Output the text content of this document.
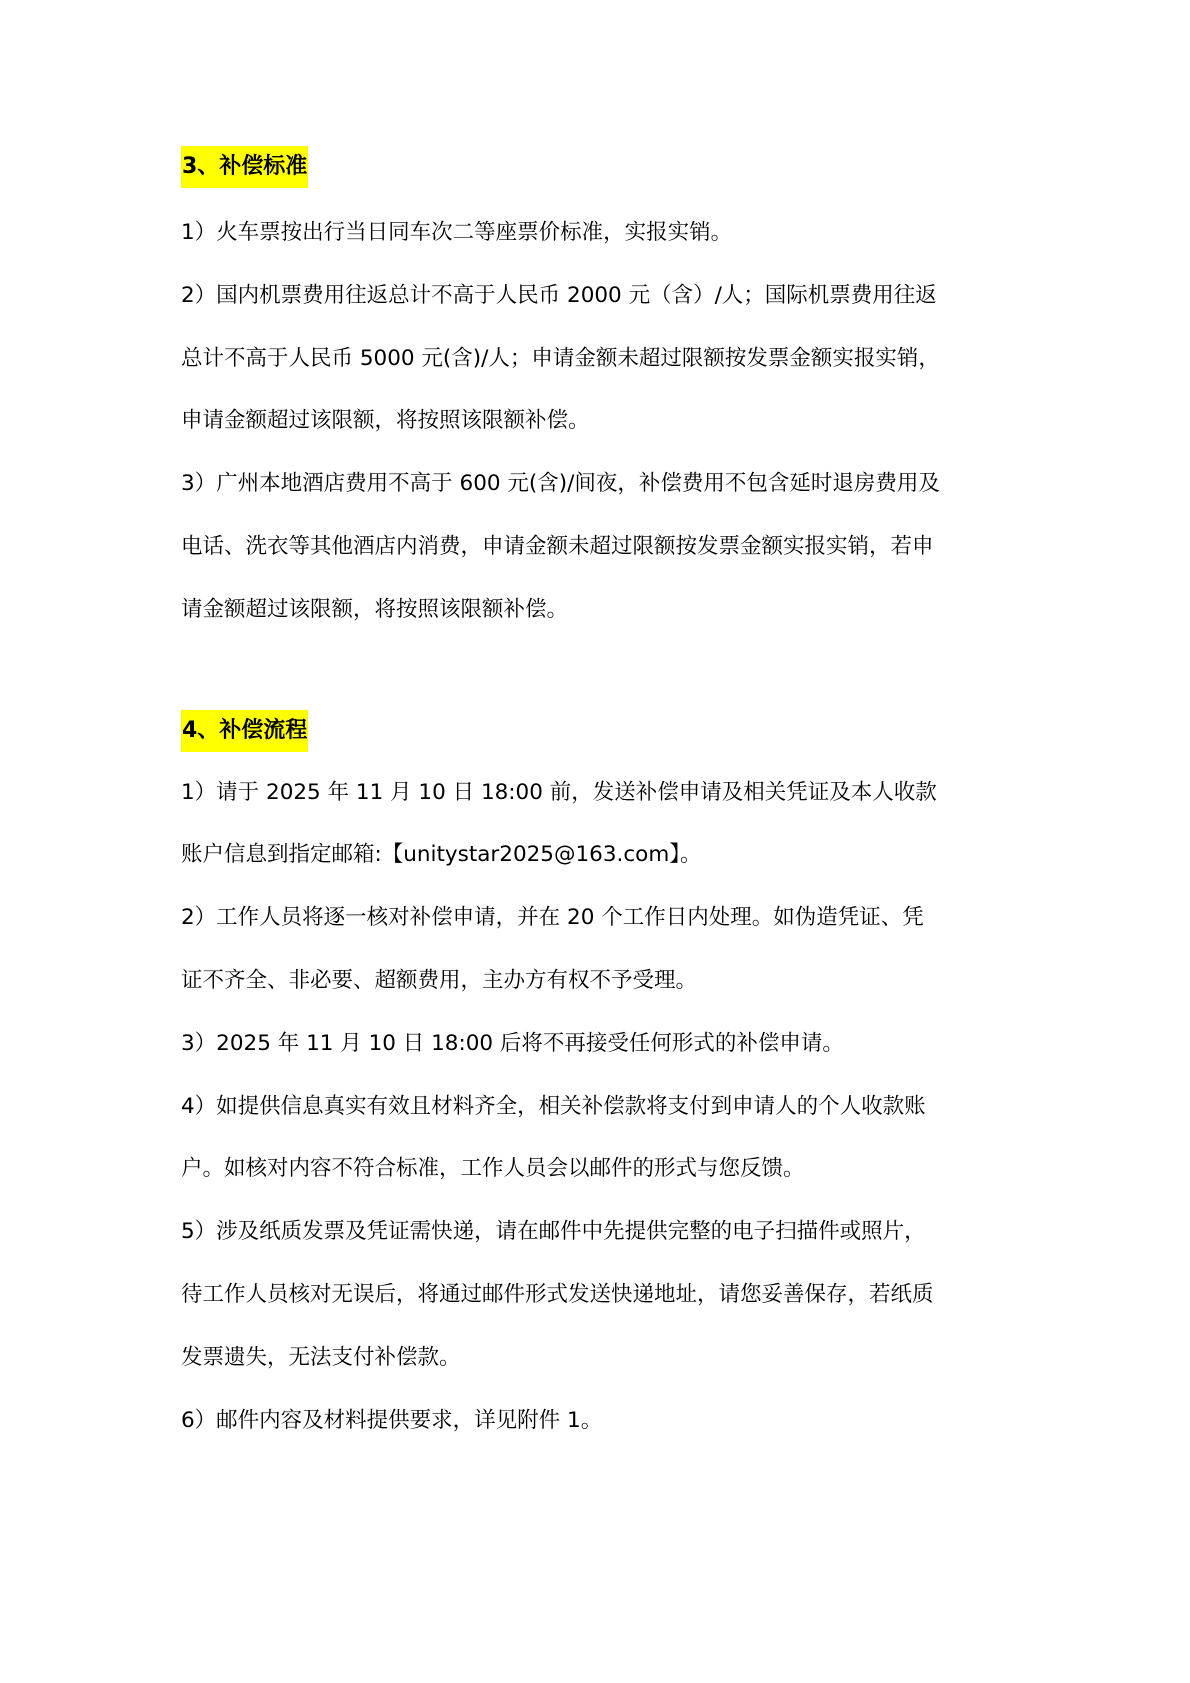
3、补偿标准
1）火车票按出行当日同车次二等座票价标准，实报实销。
2）国内机票费用往返总计不高于人民币 2000 元（含）/人；国际机票费用往返
总计不高于人民币 5000 元(含)/人；申请金额未超过限额按发票金额实报实销，
申请金额超过该限额，将按照该限额补偿。
3）广州本地酒店费用不高于 600 元(含)/间夜，补偿费用不包含延时退房费用及
电话、洗衣等其他酒店内消费，申请金额未超过限额按发票金额实报实销，若申
请金额超过该限额，将按照该限额补偿。
4、补偿流程
1）请于 2025 年 11 月 10 日 18:00 前，发送补偿申请及相关凭证及本人收款
账户信息到指定邮箱:【unitystar2025@163.com】。
2）工作人员将逐一核对补偿申请，并在 20 个工作日内处理。如伪造凭证、凭
证不齐全、非必要、超额费用，主办方有权不予受理。
3）2025 年 11 月 10 日 18:00 后将不再接受任何形式的补偿申请。
4）如提供信息真实有效且材料齐全，相关补偿款将支付到申请人的个人收款账
户。如核对内容不符合标准，工作人员会以邮件的形式与您反馈。
5）涉及纸质发票及凭证需快递，请在邮件中先提供完整的电子扫描件或照片，
待工作人员核对无误后，将通过邮件形式发送快递地址，请您妥善保存，若纸质
发票遗失，无法支付补偿款。
6）邮件内容及材料提供要求，详见附件 1。
